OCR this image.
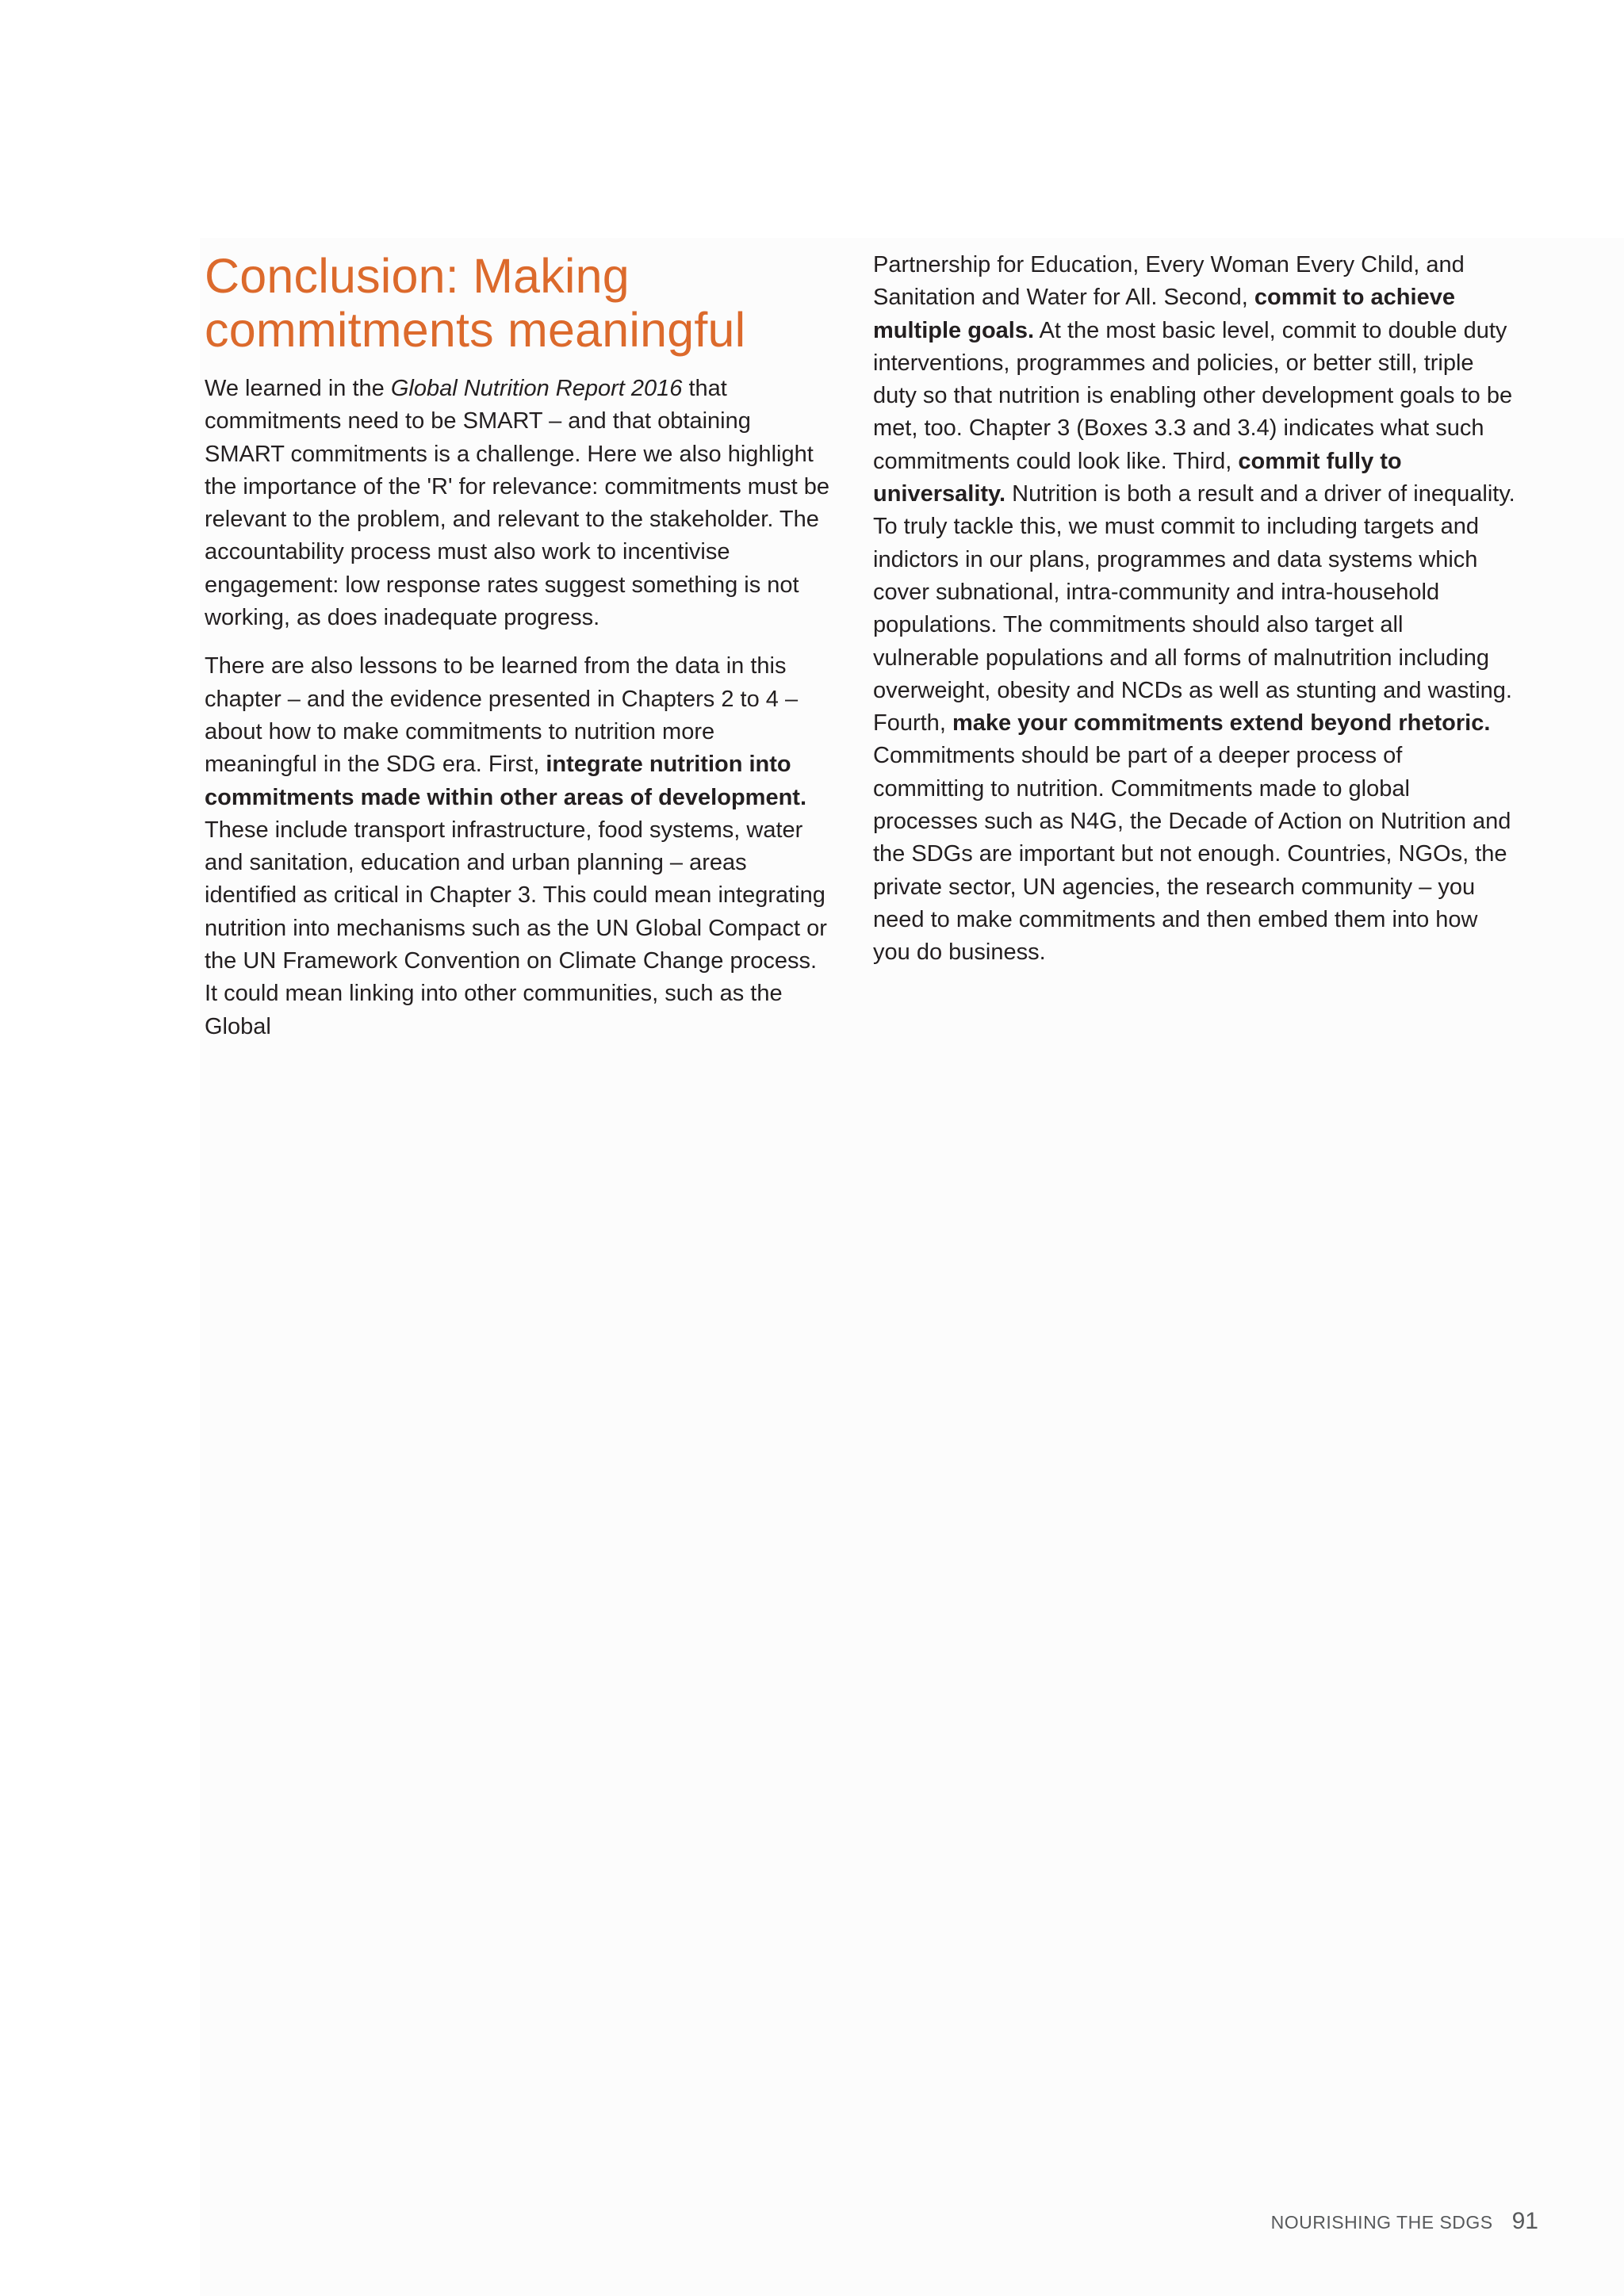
Conclusion: Making commitments meaningful

We learned in the Global Nutrition Report 2016 that commitments need to be SMART – and that obtaining SMART commitments is a challenge. Here we also highlight the importance of the 'R' for relevance: commitments must be relevant to the problem, and relevant to the stakeholder. The accountability process must also work to incentivise engagement: low response rates suggest something is not working, as does inadequate progress.

There are also lessons to be learned from the data in this chapter – and the evidence presented in Chapters 2 to 4 – about how to make commitments to nutrition more meaningful in the SDG era. First, integrate nutrition into commitments made within other areas of development. These include transport infrastructure, food systems, water and sanitation, education and urban planning – areas identified as critical in Chapter 3. This could mean integrating nutrition into mechanisms such as the UN Global Compact or the UN Framework Convention on Climate Change process. It could mean linking into other communities, such as the Global

Partnership for Education, Every Woman Every Child, and Sanitation and Water for All. Second, commit to achieve multiple goals. At the most basic level, commit to double duty interventions, programmes and policies, or better still, triple duty so that nutrition is enabling other development goals to be met, too. Chapter 3 (Boxes 3.3 and 3.4) indicates what such commitments could look like. Third, commit fully to universality. Nutrition is both a result and a driver of inequality. To truly tackle this, we must commit to including targets and indictors in our plans, programmes and data systems which cover subnational, intra-community and intra-household populations. The commitments should also target all vulnerable populations and all forms of malnutrition including overweight, obesity and NCDs as well as stunting and wasting. Fourth, make your commitments extend beyond rhetoric. Commitments should be part of a deeper process of committing to nutrition. Commitments made to global processes such as N4G, the Decade of Action on Nutrition and the SDGs are important but not enough. Countries, NGOs, the private sector, UN agencies, the research community – you need to make commitments and then embed them into how you do business.

NOURISHING THE SDGS 91
